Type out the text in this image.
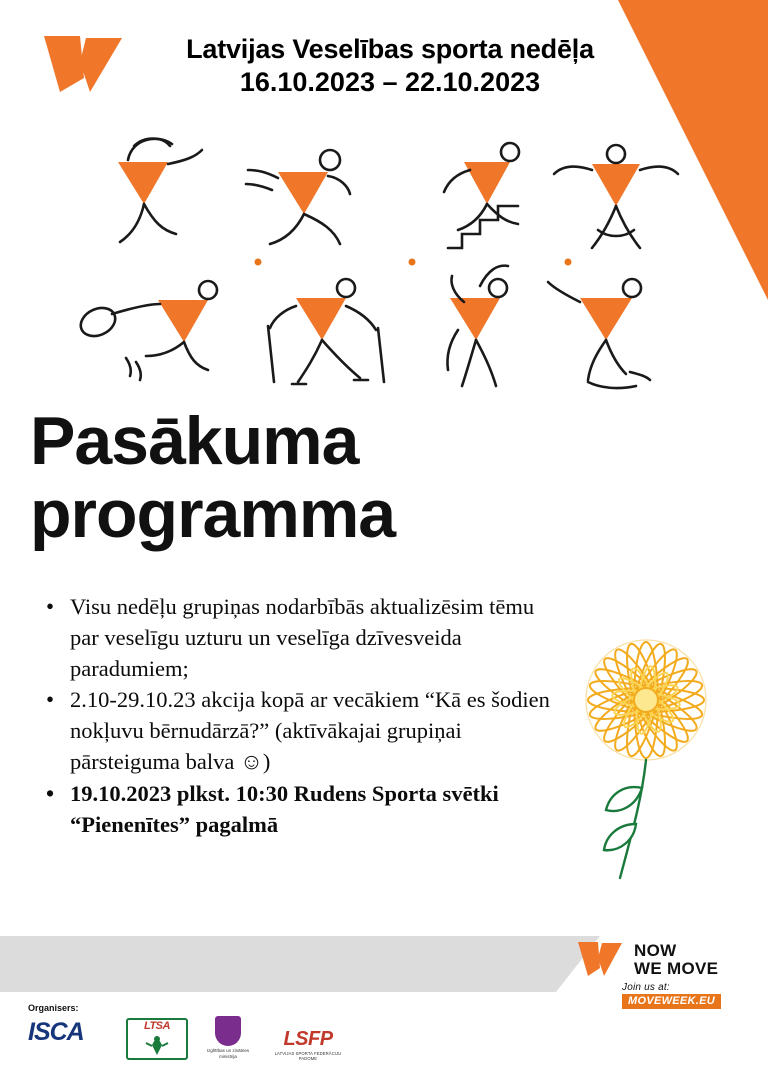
Latvijas Veselības sporta nedēļa
16.10.2023 – 22.10.2023
Pasākuma
programma
• Visu nedēļu grupiņas nodarbībās aktualizēsim tēmu par veselīgu uzturu un veselīga dzīvesveida paradumiem;
• 2.10-29.10.23 akcija kopā ar vecākiem “Kā es šodien nokļuvu bērnudārzā?” (aktīvākajai grupiņai pārsteiguma balva ☺)
• 19.10.2023 plkst. 10:30 Rudens Sporta svētki “Pienenītes” pagalmā
NOW
WE MOVE
Join us at:
MOVEWEEK.EU
Organisers:
ISCA	LTSA
Izglītības un zinātnes ministrija
LSFP
LATVIJAS SPORTA FEDERĀCIJU PADOME
